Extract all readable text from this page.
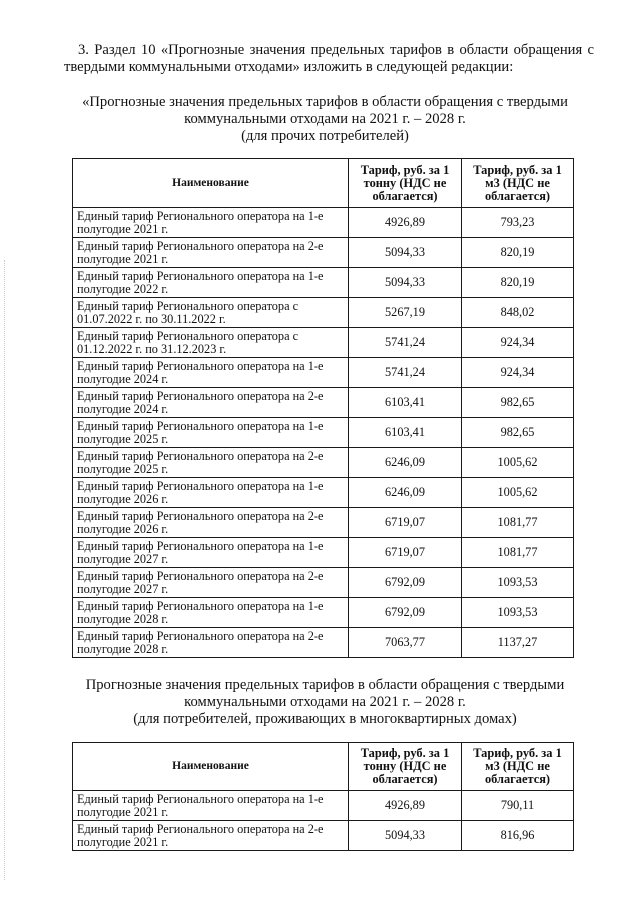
3. Раздел 10 «Прогнозные значения предельных тарифов в области обращения с твердыми коммунальными отходами» изложить в следующей редакции:

«Прогнозные значения предельных тарифов в области обращения с твердыми
коммунальными отходами на 2021 г. – 2028 г.
(для прочих потребителей)
Наименование	Тариф, руб. за 1 тонну (НДС не облагается)	Тариф, руб. за 1 м3 (НДС не облагается)
Единый тариф Регионального оператора на 1-е полугодие 2021 г.	4926,89	793,23
Единый тариф Регионального оператора на 2-е полугодие 2021 г.	5094,33	820,19
Единый тариф Регионального оператора на 1-е полугодие 2022 г.	5094,33	820,19
Единый тариф Регионального оператора с 01.07.2022 г. по 30.11.2022 г.	5267,19	848,02
Единый тариф Регионального оператора с 01.12.2022 г. по 31.12.2023 г.	5741,24	924,34
Единый тариф Регионального оператора на 1-е полугодие 2024 г.	5741,24	924,34
Единый тариф Регионального оператора на 2-е полугодие 2024 г.	6103,41	982,65
Единый тариф Регионального оператора на 1-е полугодие 2025 г.	6103,41	982,65
Единый тариф Регионального оператора на 2-е полугодие 2025 г.	6246,09	1005,62
Единый тариф Регионального оператора на 1-е полугодие 2026 г.	6246,09	1005,62
Единый тариф Регионального оператора на 2-е полугодие 2026 г.	6719,07	1081,77
Единый тариф Регионального оператора на 1-е полугодие 2027 г.	6719,07	1081,77
Единый тариф Регионального оператора на 2-е полугодие 2027 г.	6792,09	1093,53
Единый тариф Регионального оператора на 1-е полугодие 2028 г.	6792,09	1093,53
Единый тариф Регионального оператора на 2-е полугодие 2028 г.	7063,77	1137,27
Прогнозные значения предельных тарифов в области обращения с твердыми
коммунальными отходами на 2021 г. – 2028 г.
(для потребителей, проживающих в многоквартирных домах)
Наименование	Тариф, руб. за 1 тонну (НДС не облагается)	Тариф, руб. за 1 м3 (НДС не облагается)
Единый тариф Регионального оператора на 1-е полугодие 2021 г.	4926,89	790,11
Единый тариф Регионального оператора на 2-е полугодие 2021 г.	5094,33	816,96
